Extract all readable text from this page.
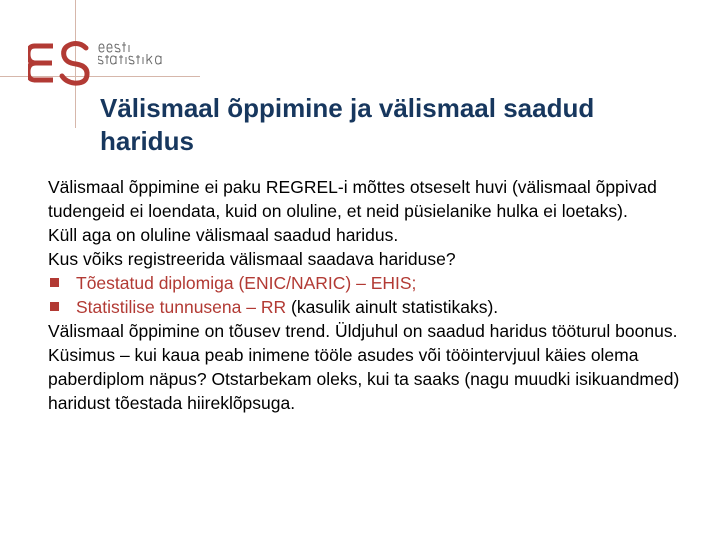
Välismaal õppimine ja välismaal saadud haridus

Välismaal õppimine ei paku REGREL-i mõttes otseselt huvi (välismaal õppivad tudengeid ei loendata, kuid on oluline, et neid püsielanike hulka ei loetaks).

Küll aga on oluline välismaal saadud haridus.

Kus võiks registreerida välismaal saadava hariduse?

Tõestatud diplomiga (ENIC/NARIC) – EHIS;
Statistilise tunnusena – RR (kasulik ainult statistikaks).

Välismaal õppimine on tõusev trend. Üldjuhul on saadud haridus tööturul boonus. Küsimus – kui kaua peab inimene tööle asudes või tööintervjuul käies olema paberdiplom näpus? Otstarbekam oleks, kui ta saaks (nagu muudki isikuandmed) haridust tõestada hiireklõpsuga.
